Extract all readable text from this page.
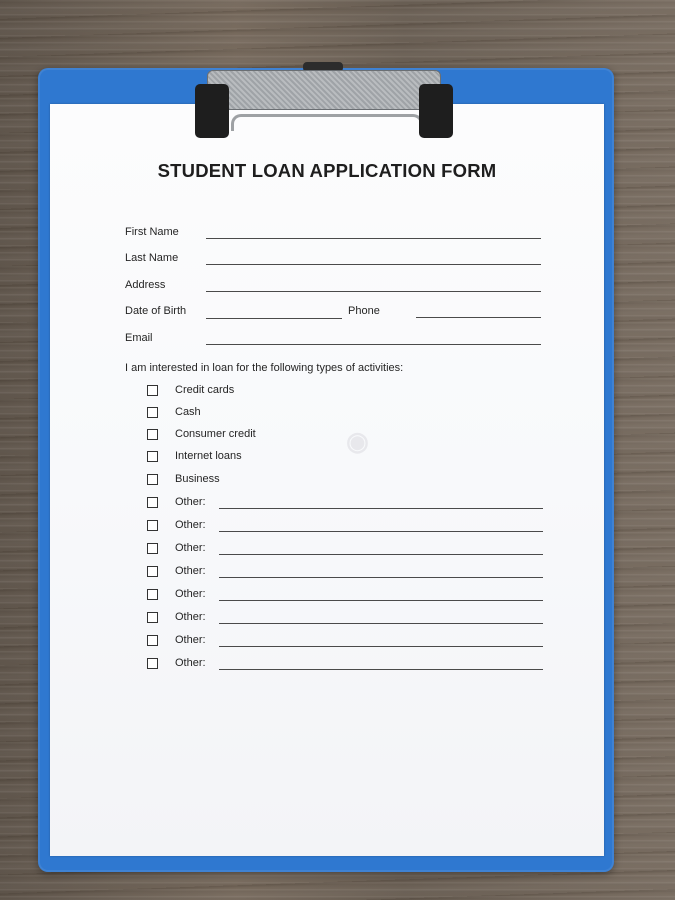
STUDENT LOAN APPLICATION FORM
First Name
Last Name
Address
Date of Birth	Phone
Email
I am interested in loan for the following types of activities:
◉
Credit cards
Cash
Consumer credit
Internet loans
Business
Other:
Other:
Other:
Other:
Other:
Other:
Other:
Other:
